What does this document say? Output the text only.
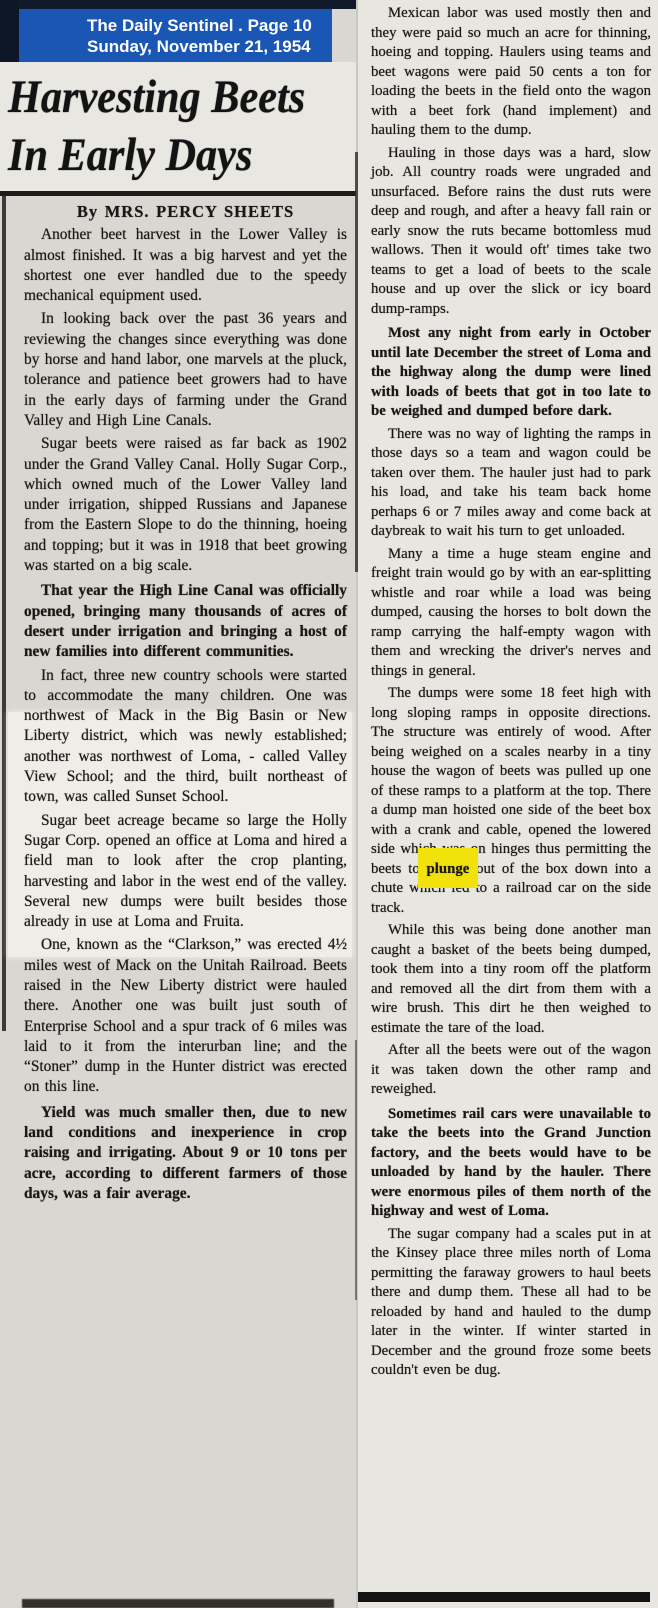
The Daily Sentinel . Page 10
Sunday, November 21, 1954
Harvesting Beets
In Early Days
By MRS. PERCY SHEETS

Another beet harvest in the Lower Valley is almost finished. It was a big harvest and yet the shortest one ever handled due to the speedy mechanical equipment used.

In looking back over the past 36 years and reviewing the changes since everything was done by horse and hand labor, one marvels at the pluck, tolerance and patience beet growers had to have in the early days of farming under the Grand Valley and High Line Canals.

Sugar beets were raised as far back as 1902 under the Grand Valley Canal. Holly Sugar Corp., which owned much of the Lower Valley land under irrigation, shipped Russians and Japanese from the Eastern Slope to do the thinning, hoeing and topping; but it was in 1918 that beet growing was started on a big scale.

That year the High Line Canal was officially opened, bringing many thousands of acres of desert under irrigation and bringing a host of new families into different communities.

In fact, three new country schools were started to accommodate the many children. One was northwest of Mack in the Big Basin or New Liberty district, which was newly established; another was northwest of Loma, - called Valley View School; and the third, built northeast of town, was called Sunset School.

Sugar beet acreage became so large the Holly Sugar Corp. opened an office at Loma and hired a field man to look after the crop planting, harvesting and labor in the west end of the valley. Several new dumps were built besides those already in use at Loma and Fruita.

One, known as the “Clarkson,” was erected 4½ miles west of Mack on the Unitah Railroad. Beets raised in the New Liberty district were hauled there. Another one was built just south of Enterprise School and a spur track of 6 miles was laid to it from the interurban line; and the “Stoner” dump in the Hunter district was erected on this line.

Yield was much smaller then, due to new land conditions and inexperience in crop raising and irrigating. About 9 or 10 tons per acre, according to different farmers of those days, was a fair average.

Mexican labor was used mostly then and they were paid so much an acre for thinning, hoeing and topping. Haulers using teams and beet wagons were paid 50 cents a ton for loading the beets in the field onto the wagon with a beet fork (hand implement) and hauling them to the dump.

Hauling in those days was a hard, slow job. All country roads were ungraded and unsurfaced. Before rains the dust ruts were deep and rough, and after a heavy fall rain or early snow the ruts became bottomless mud wallows. Then it would oft' times take two teams to get a load of beets to the scale house and up over the slick or icy board dump-ramps.

Most any night from early in October until late December the street of Loma and the highway along the dump were lined with loads of beets that got in too late to be weighed and dumped before dark.

There was no way of lighting the ramps in those days so a team and wagon could be taken over them. The hauler just had to park his load, and take his team back home perhaps 6 or 7 miles away and come back at daybreak to wait his turn to get unloaded.

Many a time a huge steam engine and freight train would go by with an ear-splitting whistle and roar while a load was being dumped, causing the horses to bolt down the ramp carrying the half-empty wagon with them and wrecking the driver's nerves and things in general.

The dumps were some 18 feet high with long sloping ramps in opposite directions. The structure was entirely of wood. After being weighed on a scales nearby in a tiny house the wagon of beets was pulled up one of these ramps to a platform at the top. There a dump man hoisted one side of the beet box with a crank and cable, opened the lowered side which was on hinges thus permitting the beets to plunge out of the box down into a chute which led to a railroad car on the side track.

While this was being done another man caught a basket of the beets being dumped, took them into a tiny room off the platform and removed all the dirt from them with a wire brush. This dirt he then weighed to estimate the tare of the load.

After all the beets were out of the wagon it was taken down the other ramp and reweighed.

Sometimes rail cars were unavailable to take the beets into the Grand Junction factory, and the beets would have to be unloaded by hand by the hauler. There were enormous piles of them north of the highway and west of Loma.

The sugar company had a scales put in at the Kinsey place three miles north of Loma permitting the faraway growers to haul beets there and dump them. These all had to be reloaded by hand and hauled to the dump later in the winter. If winter started in December and the ground froze some beets couldn't even be dug.
